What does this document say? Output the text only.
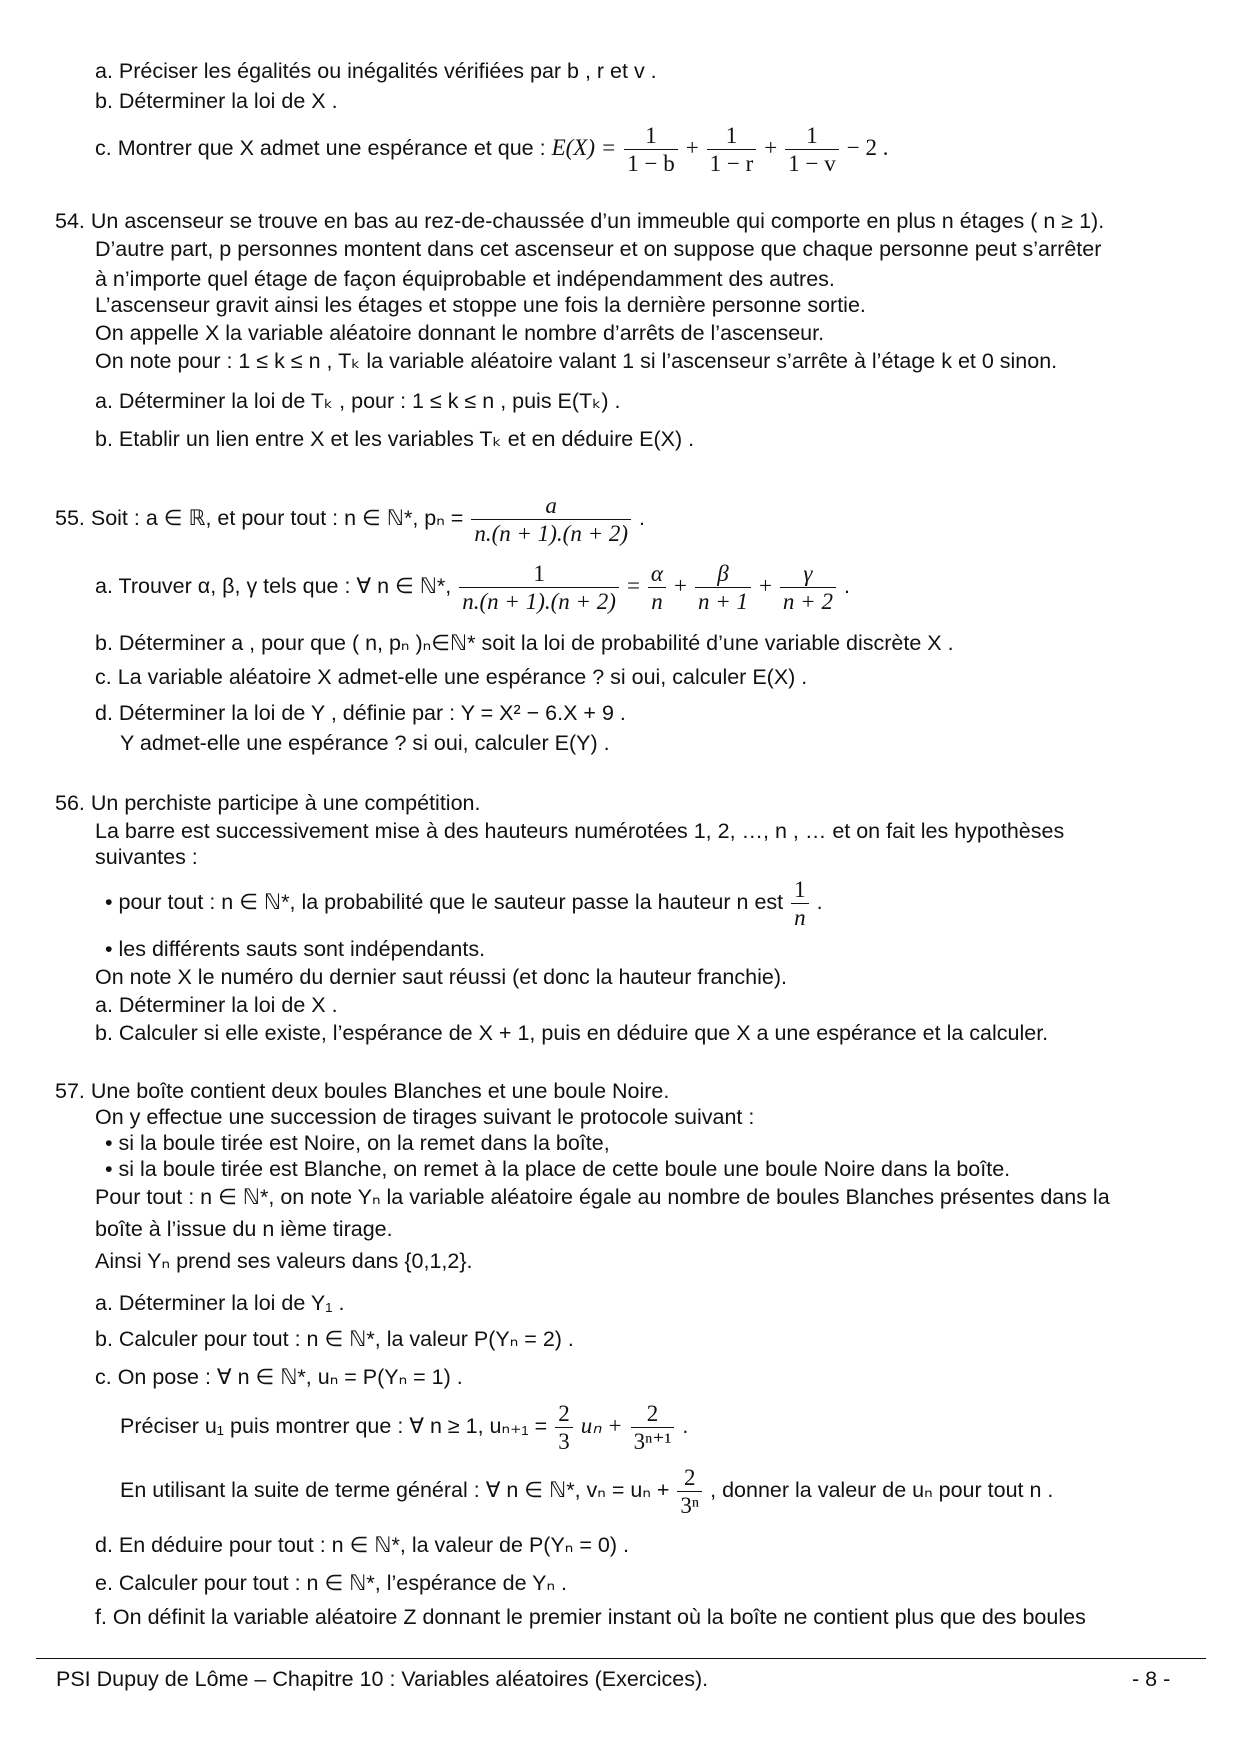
a. Préciser les égalités ou inégalités vérifiées par b , r et v .
b. Déterminer la loi de X .
c. Montrer que X admet une espérance et que : $E(X) = \frac{1}{1 - b} + \frac{1}{1 - r} + \frac{1}{1 - v} - 2$ .
54. Un ascenseur se trouve en bas au rez-de-chaussée d’un immeuble qui comporte en plus n étages ( n ≥ 1).
D’autre part, p personnes montent dans cet ascenseur et on suppose que chaque personne peut s’arrêter
à n’importe quel étage de façon équiprobable et indépendamment des autres.
L’ascenseur gravit ainsi les étages et stoppe une fois la dernière personne sortie.
On appelle X la variable aléatoire donnant le nombre d’arrêts de l’ascenseur.
On note pour : 1 ≤ k ≤ n , Tₖ la variable aléatoire valant 1 si l’ascenseur s’arrête à l’étage k et 0 sinon.
a. Déterminer la loi de Tₖ , pour : 1 ≤ k ≤ n , puis E(Tₖ) .
b. Etablir un lien entre X et les variables Tₖ et en déduire E(X) .
55. Soit : a ∈ ℝ, et pour tout : n ∈ ℕ*, $p_n = \frac{a}{n.(n + 1).(n + 2)}$ .
a. Trouver α, β, γ tels que : ∀ n ∈ ℕ*, $\frac{1}{n.(n + 1).(n + 2)} = \frac{\alpha}{n} + \frac{\beta}{n + 1} + \frac{\gamma}{n + 2}$ .
b. Déterminer a , pour que ( n, pₙ )ₙ∈ℕ* soit la loi de probabilité d’une variable discrète X .
c. La variable aléatoire X admet-elle une espérance ? si oui, calculer E(X) .
d. Déterminer la loi de Y , définie par : Y = X² − 6.X + 9 .
Y admet-elle une espérance ? si oui, calculer E(Y) .
56. Un perchiste participe à une compétition.
La barre est successivement mise à des hauteurs numérotées 1, 2, …, n , … et on fait les hypothèses
suivantes :
• pour tout : n ∈ ℕ*, la probabilité que le sauteur passe la hauteur n est $\frac{1}{n}$ .
• les différents sauts sont indépendants.
On note X le numéro du dernier saut réussi (et donc la hauteur franchie).
a. Déterminer la loi de X .
b. Calculer si elle existe, l’espérance de X + 1, puis en déduire que X a une espérance et la calculer.
57. Une boîte contient deux boules Blanches et une boule Noire.
On y effectue une succession de tirages suivant le protocole suivant :
• si la boule tirée est Noire, on la remet dans la boîte,
• si la boule tirée est Blanche, on remet à la place de cette boule une boule Noire dans la boîte.
Pour tout : n ∈ ℕ*, on note Yₙ la variable aléatoire égale au nombre de boules Blanches présentes dans la
boîte à l’issue du n ième tirage.
Ainsi Yₙ prend ses valeurs dans {0,1,2}.
a. Déterminer la loi de Y₁ .
b. Calculer pour tout : n ∈ ℕ*, la valeur P(Yₙ = 2) .
c. On pose : ∀ n ∈ ℕ*, uₙ = P(Yₙ = 1) .
Préciser u₁ puis montrer que : ∀ n ≥ 1, $u_{n+1} = \frac{2}{3}$ $u_n + \frac{2}{\text{3ⁿ⁺¹}}$ .
En utilisant la suite de terme général : ∀ n ∈ ℕ*, $v_n = u_n + \frac{2}{\text{3ⁿ}}$ , donner la valeur de uₙ pour tout n .
d. En déduire pour tout : n ∈ ℕ*, la valeur de P(Yₙ = 0) .
e. Calculer pour tout : n ∈ ℕ*, l’espérance de Yₙ .
f. On définit la variable aléatoire Z donnant le premier instant où la boîte ne contient plus que des boules
PSI Dupuy de Lôme – Chapitre 10 : Variables aléatoires (Exercices).	- 8 -
